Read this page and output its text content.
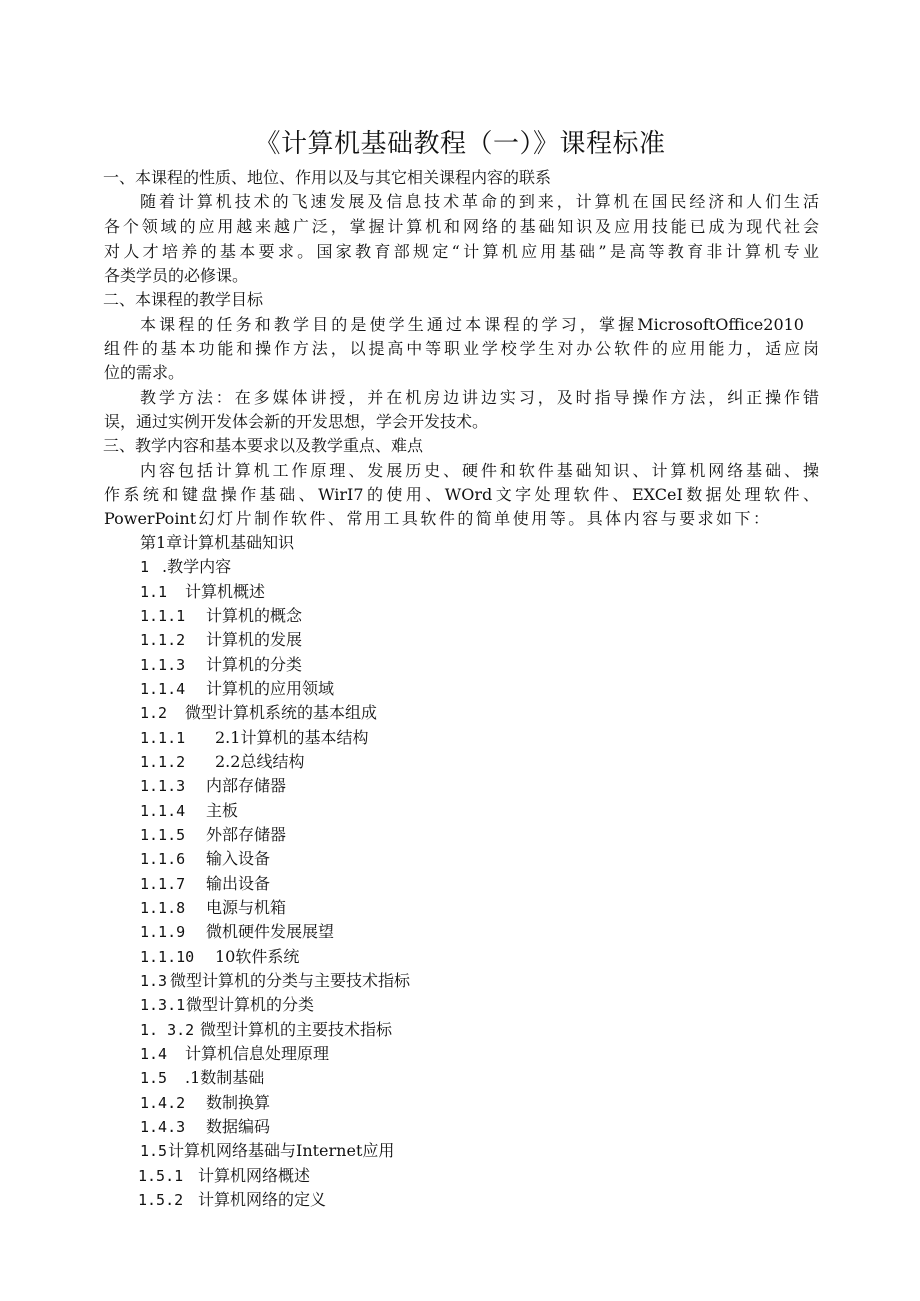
《计算机基础教程（一）》课程标准
一、本课程的性质、地位、作用以及与其它相关课程内容的联系
随着计算机技术的飞速发展及信息技术革命的到来，计算机在国民经济和人们生活
各个领域的应用越来越广泛，掌握计算机和网络的基础知识及应用技能已成为现代社会
对人才培养的基本要求。国家教育部规定“计算机应用基础”是高等教育非计算机专业
各类学员的必修课。
二、本课程的教学目标
本课程的任务和教学目的是使学生通过本课程的学习，掌握MicrosoftOffice2010
组件的基本功能和操作方法，以提高中等职业学校学生对办公软件的应用能力，适应岗
位的需求。
教学方法：在多媒体讲授，并在机房边讲边实习，及时指导操作方法，纠正操作错
误，通过实例开发体会新的开发思想，学会开发技术。
三、教学内容和基本要求以及教学重点、难点
内容包括计算机工作原理、发展历史、硬件和软件基础知识、计算机网络基础、操
作系统和键盘操作基础、WirI7的使用、WOrd文字处理软件、EXCeI数据处理软件、
PowerPoint幻灯片制作软件、常用工具软件的简单使用等。具体内容与要求如下：
第1章计算机基础知识
1 .教学内容
1.1 计算机概述
1.1.1 计算机的概念
1.1.2 计算机的发展
1.1.3 计算机的分类
1.1.4 计算机的应用领域
1.2 微型计算机系统的基本组成
1.1.1 2.1计算机的基本结构
1.1.2 2.2总线结构
1.1.3 内部存储器
1.1.4 主板
1.1.5 外部存储器
1.1.6 输入设备
1.1.7 输出设备
1.1.8 电源与机箱
1.1.9 微机硬件发展展望
1.1.10 10软件系统
1.3 微型计算机的分类与主要技术指标
1.3.1微型计算机的分类
1. 3.2 微型计算机的主要技术指标
1.4 计算机信息处理原理
1.5 .1数制基础
1.4.2 数制换算
1.4.3 数据编码
1.5计算机网络基础与Internet应用
1.5.1 计算机网络概述
1.5.2 计算机网络的定义
